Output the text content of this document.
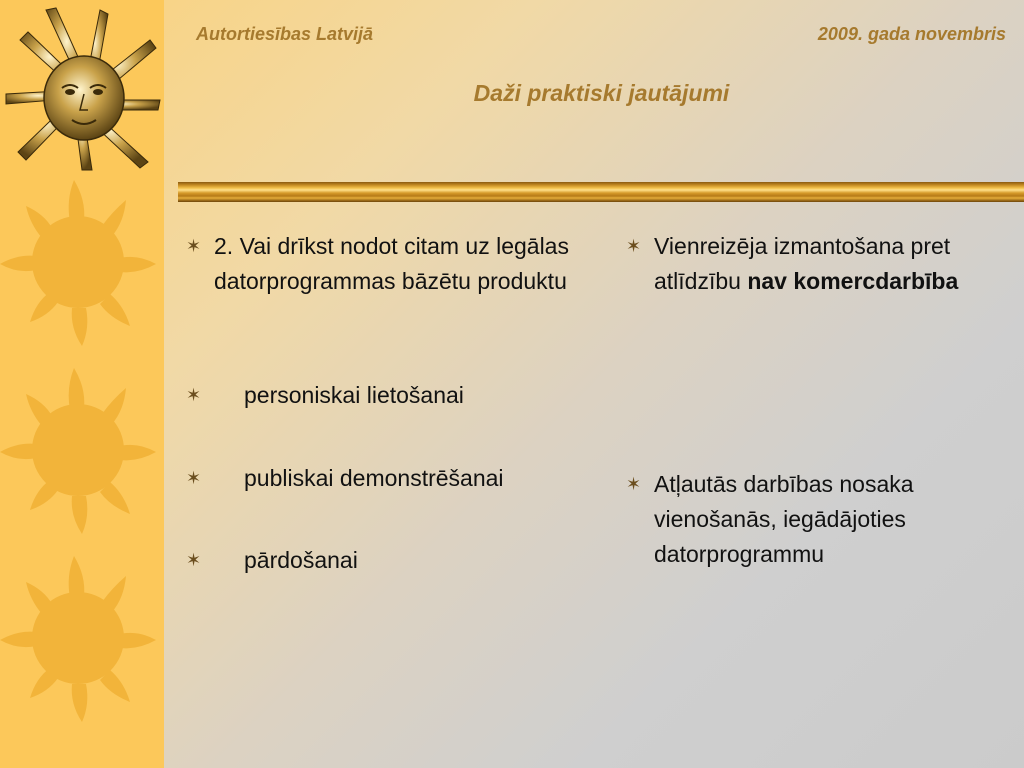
Autortiesības Latvijā	2009. gada novembris
Daži praktiski jautājumi
✶ 2. Vai drīkst nodot citam uz legālas datorprogrammas bāzētu produktu
✶ personiskai lietošanai
✶ publiskai demonstrēšanai
✶ pārdošanai
✶ Vienreizēja izmantošana pret atlīdzību nav komercdarbība
✶ Atļautās darbības nosaka vienošanās, iegādājoties datorprogrammu
